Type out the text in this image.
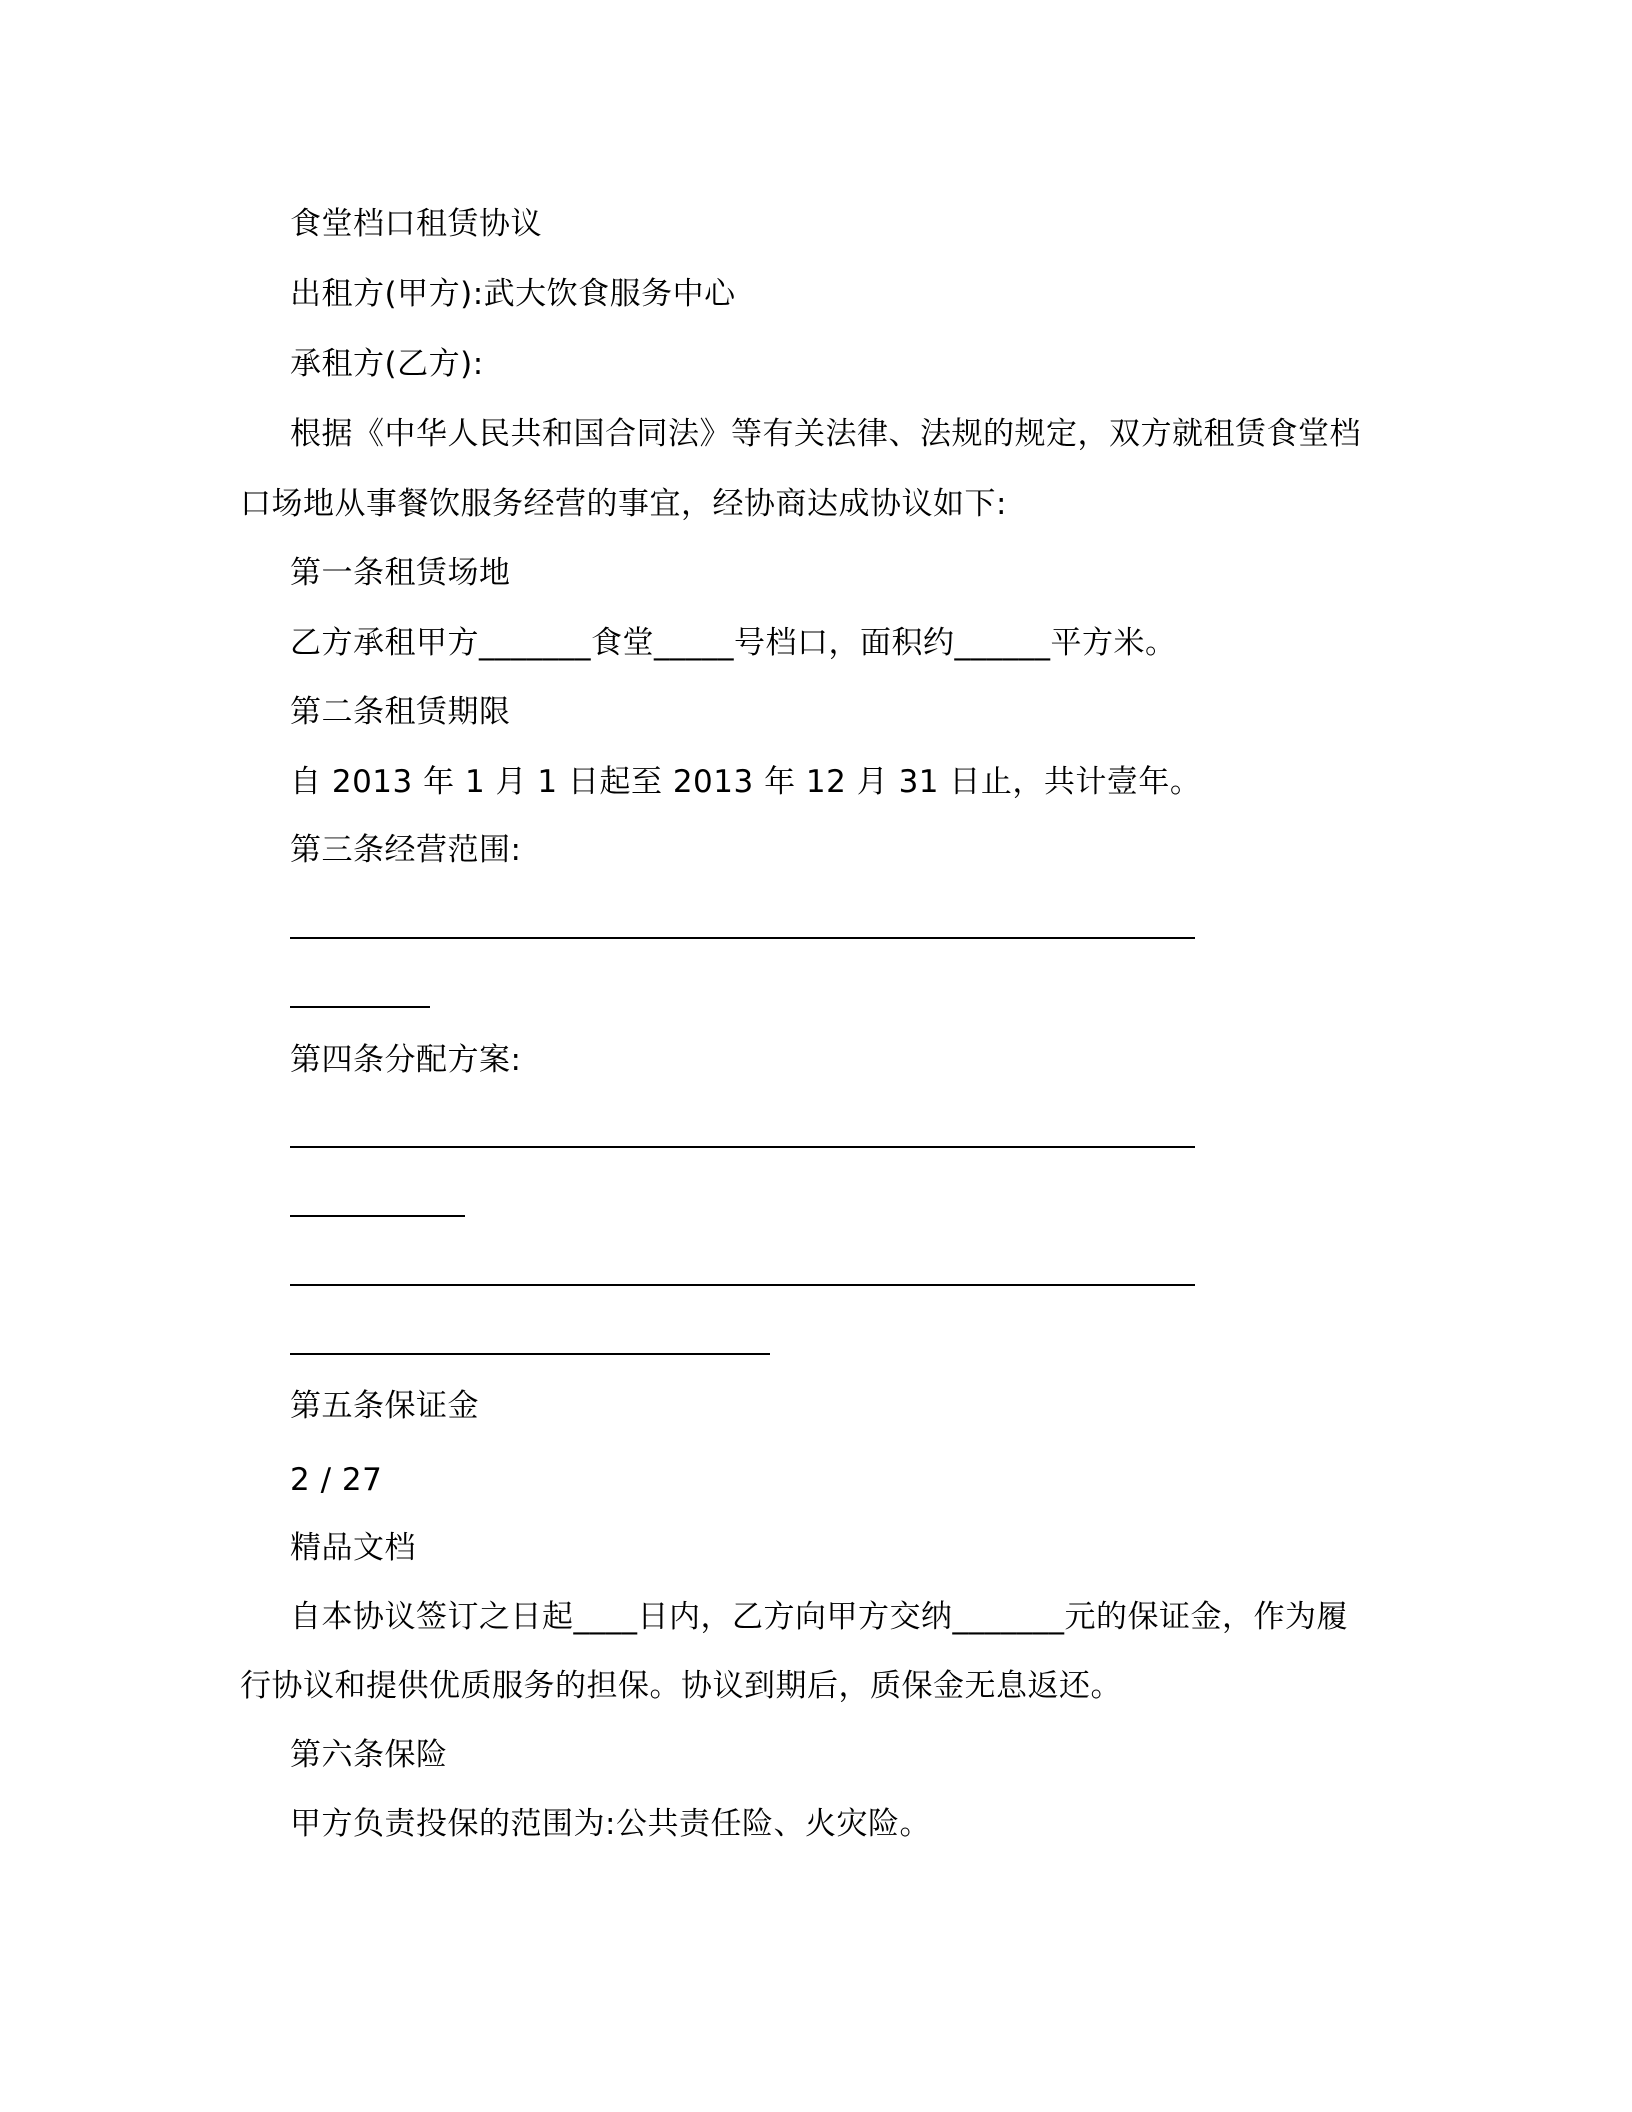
食堂档口租赁协议
出租方(甲方):武大饮食服务中心
承租方(乙方):
根据《中华人民共和国合同法》等有关法律、法规的规定，双方就租赁食堂档
口场地从事餐饮服务经营的事宜，经协商达成协议如下:
第一条租赁场地
乙方承租甲方_______食堂_____号档口，面积约______平方米。
第二条租赁期限
自 2013 年 1 月 1 日起至 2013 年 12 月 31 日止，共计壹年。
第三条经营范围:
第四条分配方案:
第五条保证金
2 / 27
精品文档
自本协议签订之日起____日内，乙方向甲方交纳_______元的保证金，作为履
行协议和提供优质服务的担保。协议到期后，质保金无息返还。
第六条保险
甲方负责投保的范围为:公共责任险、火灾险。
